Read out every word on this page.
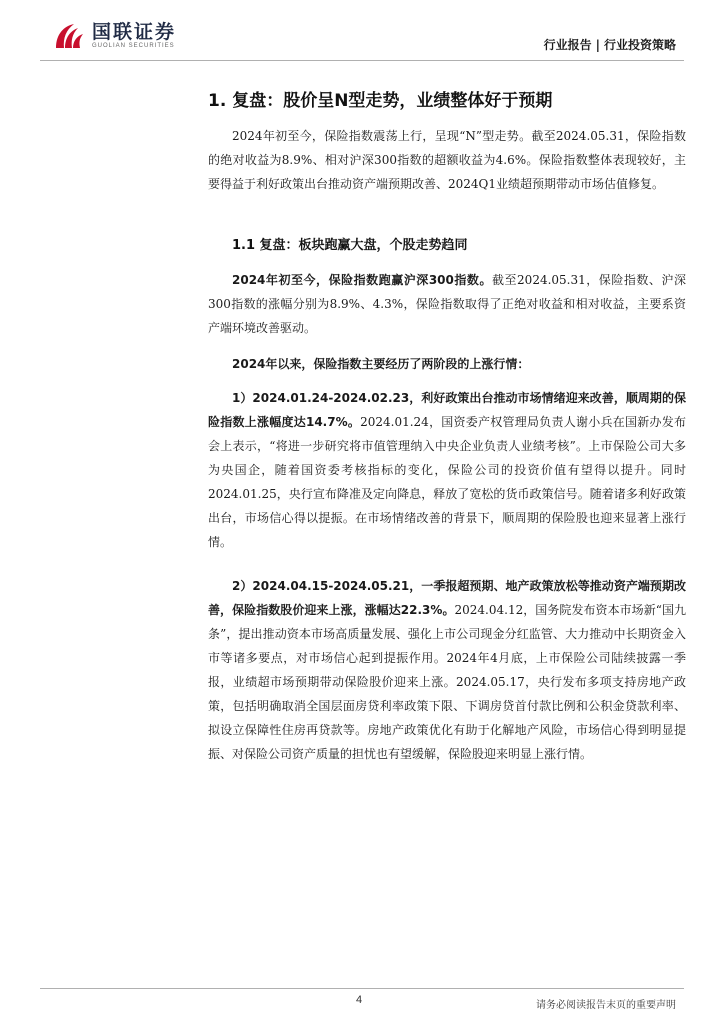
国联证券
GUOLIAN SECURITIES	行业报告 | 行业投资策略
1. 复盘：股价呈N型走势，业绩整体好于预期

2024年初至今，保险指数震荡上行，呈现“N”型走势。截至2024.05.31，保险指数的绝对收益为8.9%、相对沪深300指数的超额收益为4.6%。保险指数整体表现较好，主要得益于利好政策出台推动资产端预期改善、2024Q1业绩超预期带动市场估值修复。

1.1 复盘：板块跑赢大盘，个股走势趋同

2024年初至今，保险指数跑赢沪深300指数。截至2024.05.31，保险指数、沪深300指数的涨幅分别为8.9%、4.3%，保险指数取得了正绝对收益和相对收益，主要系资产端环境改善驱动。

2024年以来，保险指数主要经历了两阶段的上涨行情：

1）2024.01.24-2024.02.23，利好政策出台推动市场情绪迎来改善，顺周期的保险指数上涨幅度达14.7%。2024.01.24，国资委产权管理局负责人谢小兵在国新办发布会上表示，“将进一步研究将市值管理纳入中央企业负责人业绩考核”。上市保险公司大多为央国企，随着国资委考核指标的变化，保险公司的投资价值有望得以提升。同时2024.01.25，央行宣布降准及定向降息，释放了宽松的货币政策信号。随着诸多利好政策出台，市场信心得以提振。在市场情绪改善的背景下，顺周期的保险股也迎来显著上涨行情。

2）2024.04.15-2024.05.21，一季报超预期、地产政策放松等推动资产端预期改善，保险指数股价迎来上涨，涨幅达22.3%。2024.04.12，国务院发布资本市场新“国九条”，提出推动资本市场高质量发展、强化上市公司现金分红监管、大力推动中长期资金入市等诸多要点，对市场信心起到提振作用。2024年4月底，上市保险公司陆续披露一季报，业绩超市场预期带动保险股价迎来上涨。2024.05.17，央行发布多项支持房地产政策，包括明确取消全国层面房贷利率政策下限、下调房贷首付款比例和公积金贷款利率、拟设立保障性住房再贷款等。房地产政策优化有助于化解地产风险，市场信心得到明显提振、对保险公司资产质量的担忧也有望缓解，保险股迎来明显上涨行情。

4	请务必阅读报告末页的重要声明
